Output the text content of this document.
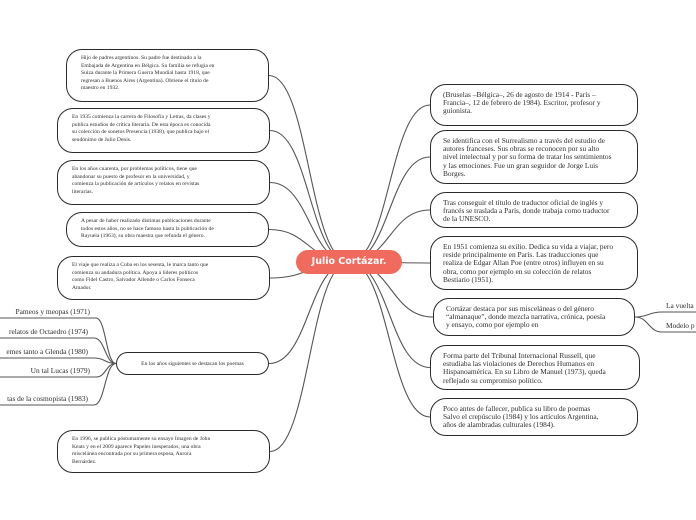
Julio Cortázar.
Hijo de padres argentinos. Su padre fue destinado a la
Embajada de Argentina en Bélgica. Su familia se refugia en
Suiza durante la Primera Guerra Mundial hasta 1918, que
regresan a Buenos Aires (Argentina). Obtiene el título de
maestro en 1932.
En 1935 comienza la carrera de Filosofía y Letras, da clases y
publica estudios de crítica literaria. De esta época es conocida
su colección de sonetos Presencia (1938), que publica bajo el
seudónimo de Julio Denis.
En los años cuarenta, por problemas políticos, tiene que
abandonar su puesto de profesor en la universidad, y
comienza la publicación de artículos y relatos en revistas
literarias.
A pesar de haber realizado distintas publicaciones durante
todos estos años, no se hace famoso hasta la publicación de
Rayuela (1963), su obra maestra que refunda el género.
El viaje que realiza a Cuba en los sesenta, le marca tanto que
comienza su andadura política. Apoya a líderes políticos
como Fidel Castro, Salvador Allende o Carlos Fonseca
Amador.
En los años siguientes se destacan los poemas
En 1996, se publica póstumamente su ensayo Imagen de John
Keats y en el 2009 aparece Papeles inesperados, una obra
miscelánea encontrada por su primera esposa, Aurora
Bernárdez.
Pameos y meopas (1971)
relatos de Octaedro (1974)
emes tanto a Glenda (1980)
Un tal Lucas (1979)
tas de la cosmopista (1983)
(Bruselas –Bélgica–, 26 de agosto de 1914 - París –
Francia–, 12 de febrero de 1984). Escritor, profesor y
guionista.
Se identifica con el Surrealismo a través del estudio de
autores franceses. Sus obras se reconocen por su alto
nivel intelectual y por su forma de tratar los sentimientos
y las emociones. Fue un gran seguidor de Jorge Luis
Borges.
Tras conseguir el título de traductor oficial de inglés y
francés se traslada a París, donde trabaja como traductor
de la UNESCO.
En 1951 comienza su exilio. Dedica su vida a viajar, pero
reside principalmente en París. Las traducciones que
realiza de Edgar Allan Poe (entre otros) influyen en su
obra, como por ejemplo en su colección de relatos
Bestiario (1951).
Cortázar destaca por sus misceláneas o del género
“almanaque”, donde mezcla narrativa, crónica, poesía
y ensayo, como por ejemplo en
Forma parte del Tribunal Internacional Russell, que
estudiaba las violaciones de Derechos Humanos en
Hispanoamérica. En su Libro de Manuel (1973), queda
reflejado su compromiso político.
Poco antes de fallecer, publica su libro de poemas
Salvo el crepúsculo (1984) y los artículos Argentina,
años de alambradas culturales (1984).
La vuelta
Modelo p
